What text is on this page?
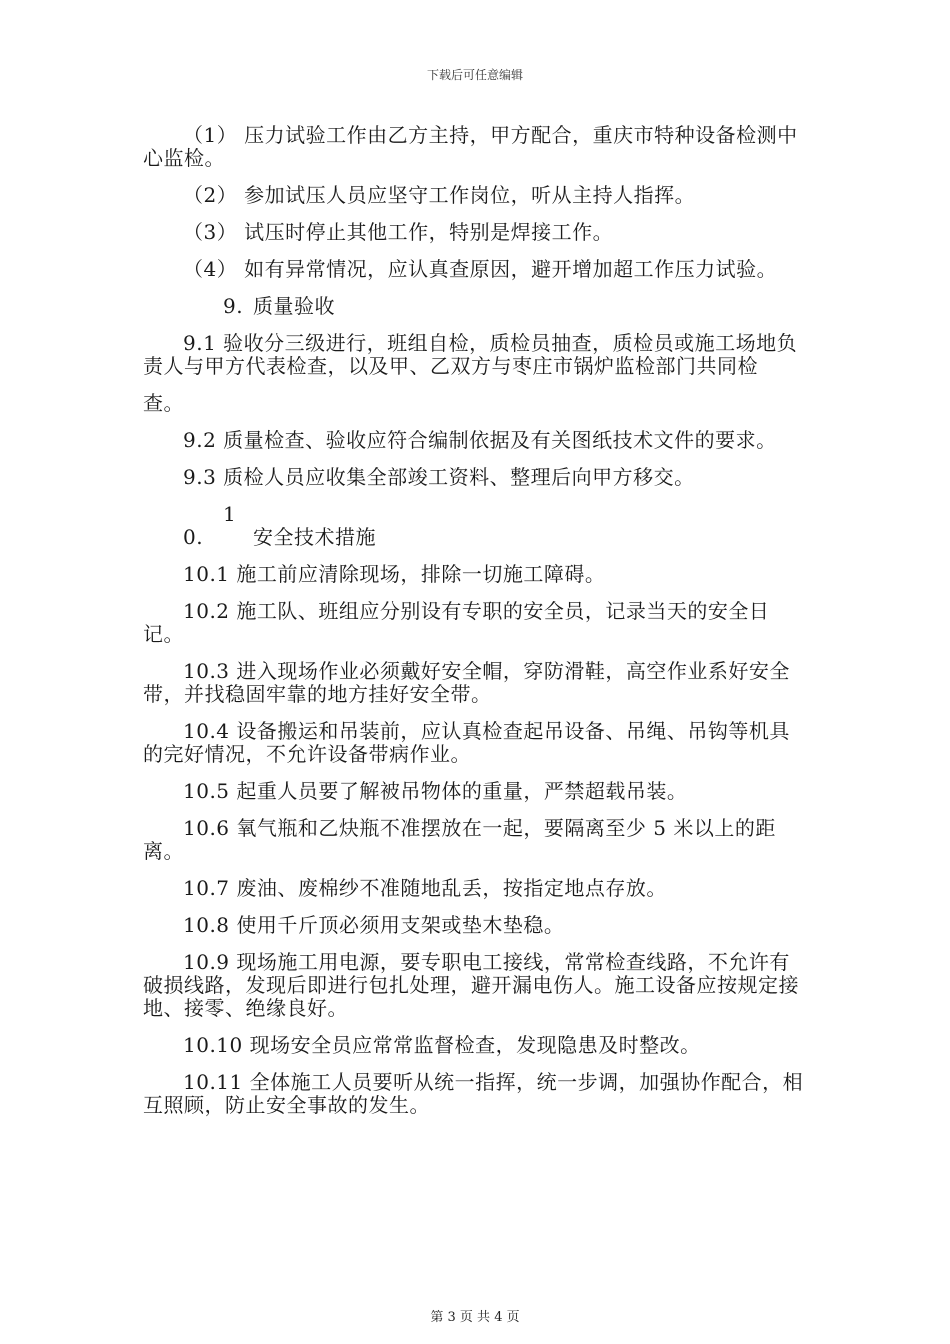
下载后可任意编辑

（1） 压力试验工作由乙方主持，甲方配合，重庆市特种设备检测中心监检。

（2） 参加试压人员应坚守工作岗位，听从主持人指挥。

（3） 试压时停止其他工作，特别是焊接工作。

（4） 如有异常情况，应认真查原因，避开增加超工作压力试验。

9. 质量验收

9.1 验收分三级进行，班组自检，质检员抽查，质检员或施工场地负责人与甲方代表检查，以及甲、乙双方与枣庄市锅炉监检部门共同检

查。

9.2 质量检查、验收应符合编制依据及有关图纸技术文件的要求。

9.3 质检人员应收集全部竣工资料、整理后向甲方移交。

10. 安全技术措施

10.1 施工前应清除现场，排除一切施工障碍。

10.2 施工队、班组应分别设有专职的安全员，记录当天的安全日记。

10.3 进入现场作业必须戴好安全帽，穿防滑鞋，高空作业系好安全带，并找稳固牢靠的地方挂好安全带。

10.4 设备搬运和吊装前，应认真检查起吊设备、吊绳、吊钩等机具的完好情况，不允许设备带病作业。

10.5 起重人员要了解被吊物体的重量，严禁超载吊装。

10.6 氧气瓶和乙炔瓶不准摆放在一起，要隔离至少 5 米以上的距离。

10.7 废油、废棉纱不准随地乱丢，按指定地点存放。

10.8 使用千斤顶必须用支架或垫木垫稳。

10.9 现场施工用电源，要专职电工接线，常常检查线路，不允许有破损线路，发现后即进行包扎处理，避开漏电伤人。施工设备应按规定接地、接零、绝缘良好。

10.10 现场安全员应常常监督检查，发现隐患及时整改。

10.11 全体施工人员要听从统一指挥，统一步调，加强协作配合，相互照顾，防止安全事故的发生。

第 3 页 共 4 页
